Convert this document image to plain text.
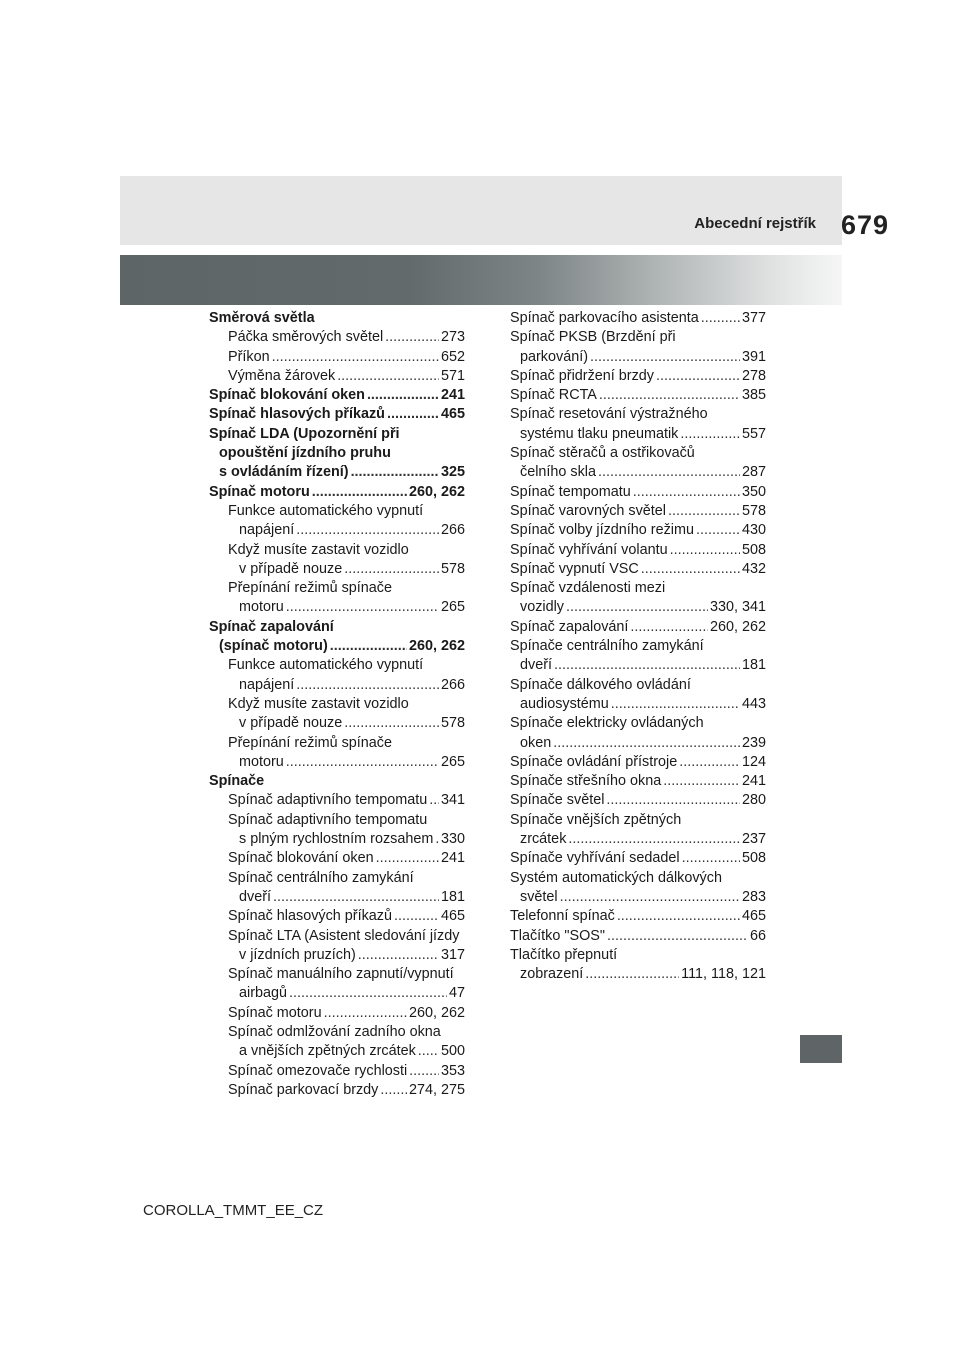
Abecední rejstřík 679
Směrová světla
Páčka směrových světel .....	273
Příkon .....	652
Výměna žárovek .....	571
Spínač blokování oken .....	241
Spínač hlasových příkazů .....	465
Spínač LDA (Upozornění při
opouštění jízdního pruhu
s ovládáním řízení) .....	325
Spínač motoru .....	260, 262
Funkce automatického vypnutí
napájení .....	266
Když musíte zastavit vozidlo
v případě nouze .....	578
Přepínání režimů spínače
motoru .....	265
Spínač zapalování
(spínač motoru) .....	260, 262
Funkce automatického vypnutí
napájení .....	266
Když musíte zastavit vozidlo
v případě nouze .....	578
Přepínání režimů spínače
motoru .....	265
Spínače
Spínač adaptivního tempomatu ..... 341
Spínač adaptivního tempomatu
s plným rychlostním rozsahem ..... 330
Spínač blokování oken .....	241
Spínač centrálního zamykání
dveří .....	181
Spínač hlasových příkazů .....	465
Spínač LTA (Asistent sledování jízdy
v jízdních pruzích) .....	317
Spínač manuálního zapnutí/vypnutí
airbagů .....	47
Spínač motoru .....	260, 262
Spínač odmlžování zadního okna
a vnějších zpětných zrcátek ..... 500
Spínač omezovače rychlosti ..... 353
Spínač parkovací brzdy ..... 274, 275
Spínač parkovacího asistenta .....	377
Spínač PKSB (Brzdění při
parkování) .....	391
Spínač přidržení brzdy .....	278
Spínač RCTA .....	385
Spínač resetování výstražného
systému tlaku pneumatik .....	557
Spínač stěračů a ostřikovačů
čelního skla .....	287
Spínač tempomatu .....	350
Spínač varovných světel .....	578
Spínač volby jízdního režimu .....	430
Spínač vyhřívání volantu .....	508
Spínač vypnutí VSC .....	432
Spínač vzdálenosti mezi
vozidly .....	330, 341
Spínač zapalování .....	260, 262
Spínače centrálního zamykání
dveří .....	181
Spínače dálkového ovládání
audiosystému .....	443
Spínače elektricky ovládaných
oken .....	239
Spínače ovládání přístroje .....	124
Spínače střešního okna .....	241
Spínače světel .....	280
Spínače vnějších zpětných
zrcátek .....	237
Spínače vyhřívání sedadel .....	508
Systém automatických dálkových
světel .....	283
Telefonní spínač .....	465
Tlačítko "SOS" .....	66
Tlačítko přepnutí
zobrazení .....	111, 118, 121
COROLLA_TMMT_EE_CZ
